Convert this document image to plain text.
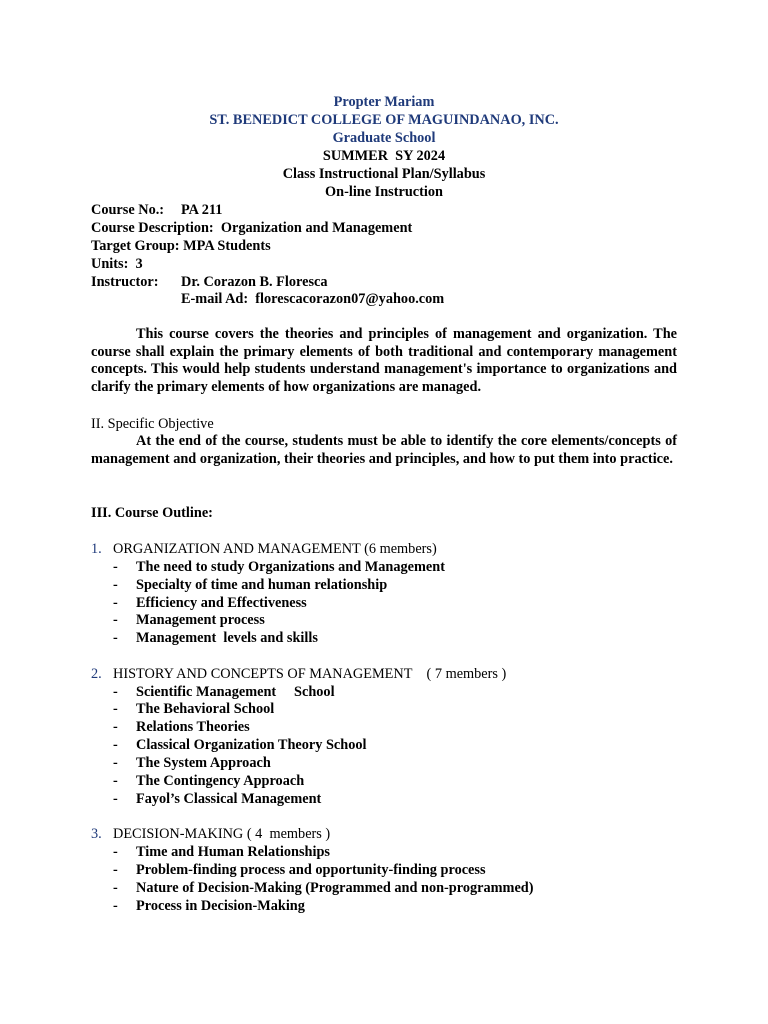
Propter Mariam
ST. BENEDICT COLLEGE OF MAGUINDANAO, INC.
Graduate School
SUMMER  SY 2024
Class Instructional Plan/Syllabus
On-line Instruction
Course No.: PA 211
Course Description: Organization and Management
Target Group: MPA Students
Units: 3
Instructor: Dr. Corazon B. Floresca
E-mail Ad: florescacorazon07@yahoo.com
This course covers the theories and principles of management and organization. The course shall explain the primary elements of both traditional and contemporary management concepts. This would help students understand management's importance to organizations and clarify the primary elements of how organizations are managed.
II. Specific Objective
At the end of the course, students must be able to identify the core elements/concepts of management and organization, their theories and principles, and how to put them into practice.
III. Course Outline:
1. ORGANIZATION AND MANAGEMENT (6 members)
- The need to study Organizations and Management
- Specialty of time and human relationship
- Efficiency and Effectiveness
- Management process
- Management  levels and skills
2. HISTORY AND CONCEPTS OF MANAGEMENT    ( 7 members )
- Scientific Management     School
- The Behavioral School
- Relations Theories
- Classical Organization Theory School
- The System Approach
- The Contingency Approach
- Fayol’s Classical Management
3. DECISION-MAKING ( 4  members )
- Time and Human Relationships
- Problem-finding process and opportunity-finding process
- Nature of Decision-Making (Programmed and non-programmed)
- Process in Decision-Making
